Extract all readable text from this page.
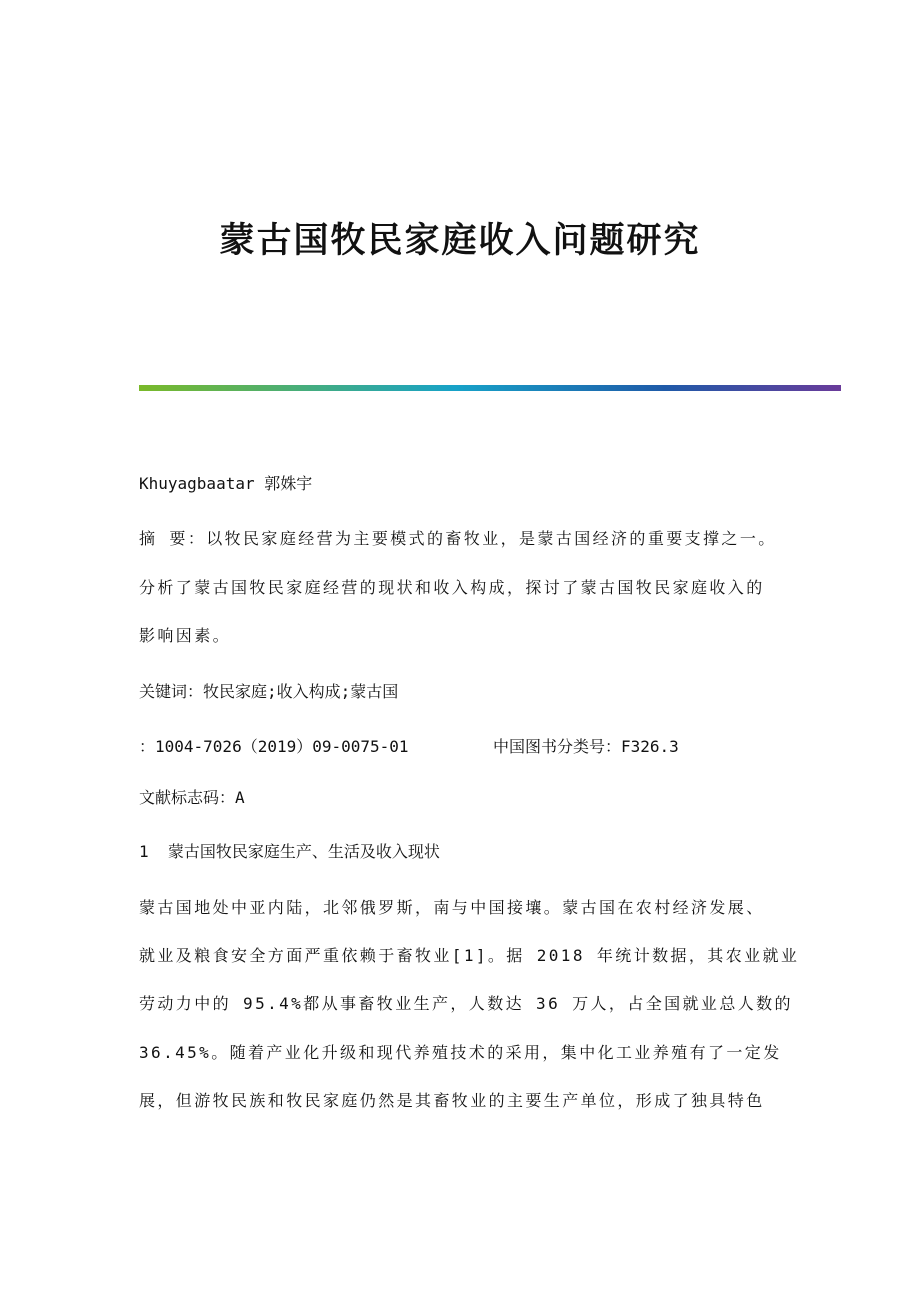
蒙古国牧民家庭收入问题研究

Khuyagbaatar 郭姝宇

摘 要：以牧民家庭经营为主要模式的畜牧业，是蒙古国经济的重要支撑之一。

分析了蒙古国牧民家庭经营的现状和收入构成，探讨了蒙古国牧民家庭收入的

影响因素。

关键词：牧民家庭;收入构成;蒙古国

：1004-7026（2019）09-0075-01	中国图书分类号：F326.3

文献标志码：A

1  蒙古国牧民家庭生产、生活及收入现状

蒙古国地处中亚内陆，北邻俄罗斯，南与中国接壤。蒙古国在农村经济发展、

就业及粮食安全方面严重依赖于畜牧业[1]。据 2018 年统计数据，其农业就业

劳动力中的 95.4%都从事畜牧业生产，人数达 36 万人，占全国就业总人数的

36.45%。随着产业化升级和现代养殖技术的采用，集中化工业养殖有了一定发

展，但游牧民族和牧民家庭仍然是其畜牧业的主要生产单位，形成了独具特色
